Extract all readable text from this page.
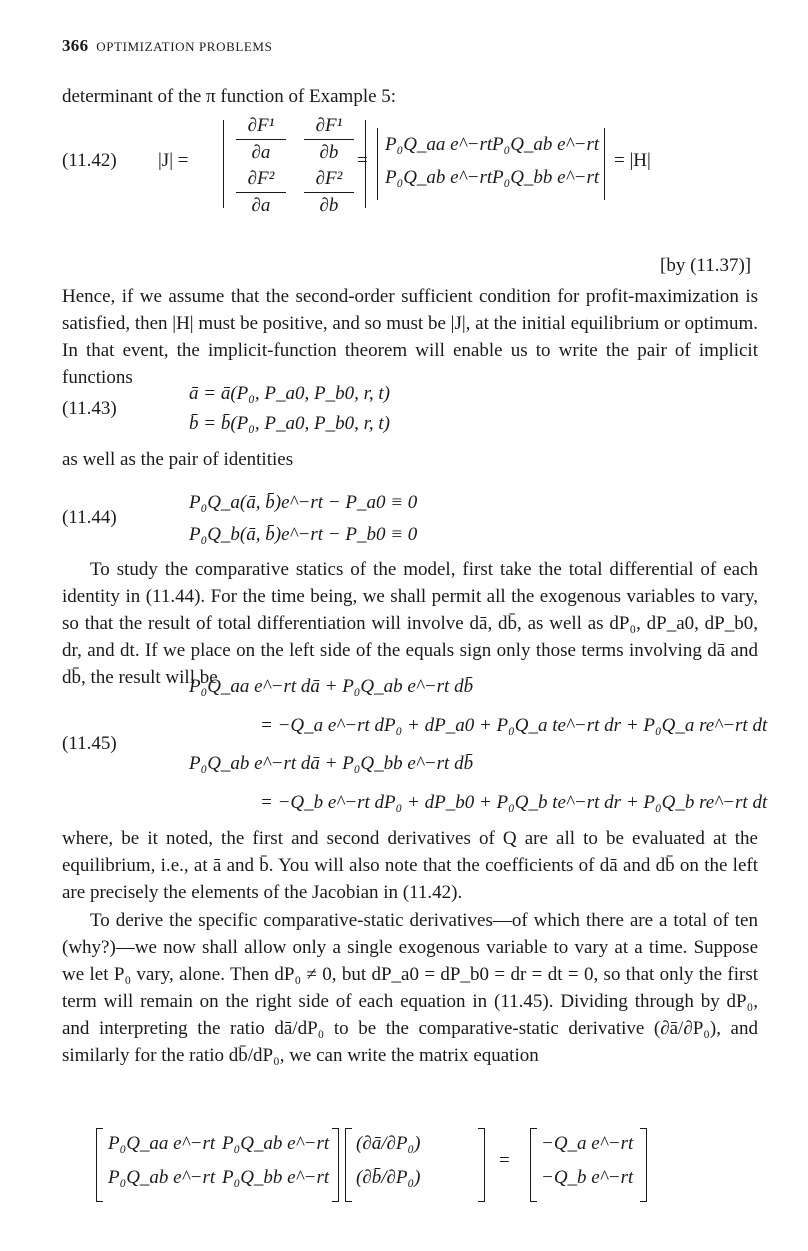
366 OPTIMIZATION PROBLEMS
determinant of the π function of Example 5:
(11.42) |J| =
∂F¹
∂a
∂F¹
∂b
∂F²
∂a
∂F²
∂b
=
P₀Q_aa e^−rt P₀Q_ab e^−rt
P₀Q_ab e^−rt P₀Q_bb e^−rt
= |H|
[by (11.37)]
Hence, if we assume that the second-order sufficient condition for profit-maximization is satisfied, then |H| must be positive, and so must be |J|, at the initial equilibrium or optimum. In that event, the implicit-function theorem will enable us to write the pair of implicit functions
(11.43)
ā = ā(P₀, P_a0, P_b0, r, t)
b̄ = b̄(P₀, P_a0, P_b0, r, t)
as well as the pair of identities
(11.44)
P₀Q_a(ā, b̄)e^−rt − P_a0 ≡ 0
P₀Q_b(ā, b̄)e^−rt − P_b0 ≡ 0
To study the comparative statics of the model, first take the total differential of each identity in (11.44). For the time being, we shall permit all the exogenous variables to vary, so that the result of total differentiation will involve dā, db̄, as well as dP₀, dP_a0, dP_b0, dr, and dt. If we place on the left side of the equals sign only those terms involving dā and db̄, the result will be
(11.45)
P₀Q_aa e^−rt dā + P₀Q_ab e^−rt db̄
= −Q_a e^−rt dP₀ + dP_a0 + P₀Q_a te^−rt dr + P₀Q_a re^−rt dt
P₀Q_ab e^−rt dā + P₀Q_bb e^−rt db̄
= −Q_b e^−rt dP₀ + dP_b0 + P₀Q_b te^−rt dr + P₀Q_b re^−rt dt
where, be it noted, the first and second derivatives of Q are all to be evaluated at the equilibrium, i.e., at ā and b̄. You will also note that the coefficients of dā and db̄ on the left are precisely the elements of the Jacobian in (11.42).
To derive the specific comparative-static derivatives—of which there are a total of ten (why?)—we now shall allow only a single exogenous variable to vary at a time. Suppose we let P₀ vary, alone. Then dP₀ ≠ 0, but dP_a0 = dP_b0 = dr = dt = 0, so that only the first term will remain on the right side of each equation in (11.45). Dividing through by dP₀, and interpreting the ratio dā/dP₀ to be the comparative-static derivative (∂ā/∂P₀), and similarly for the ratio db̄/dP₀, we can write the matrix equation
P₀Q_aa e^−rt P₀Q_ab e^−rt
P₀Q_ab e^−rt P₀Q_bb e^−rt
(∂ā/∂P₀)
(∂b̄/∂P₀)
=
−Q_a e^−rt
−Q_b e^−rt
